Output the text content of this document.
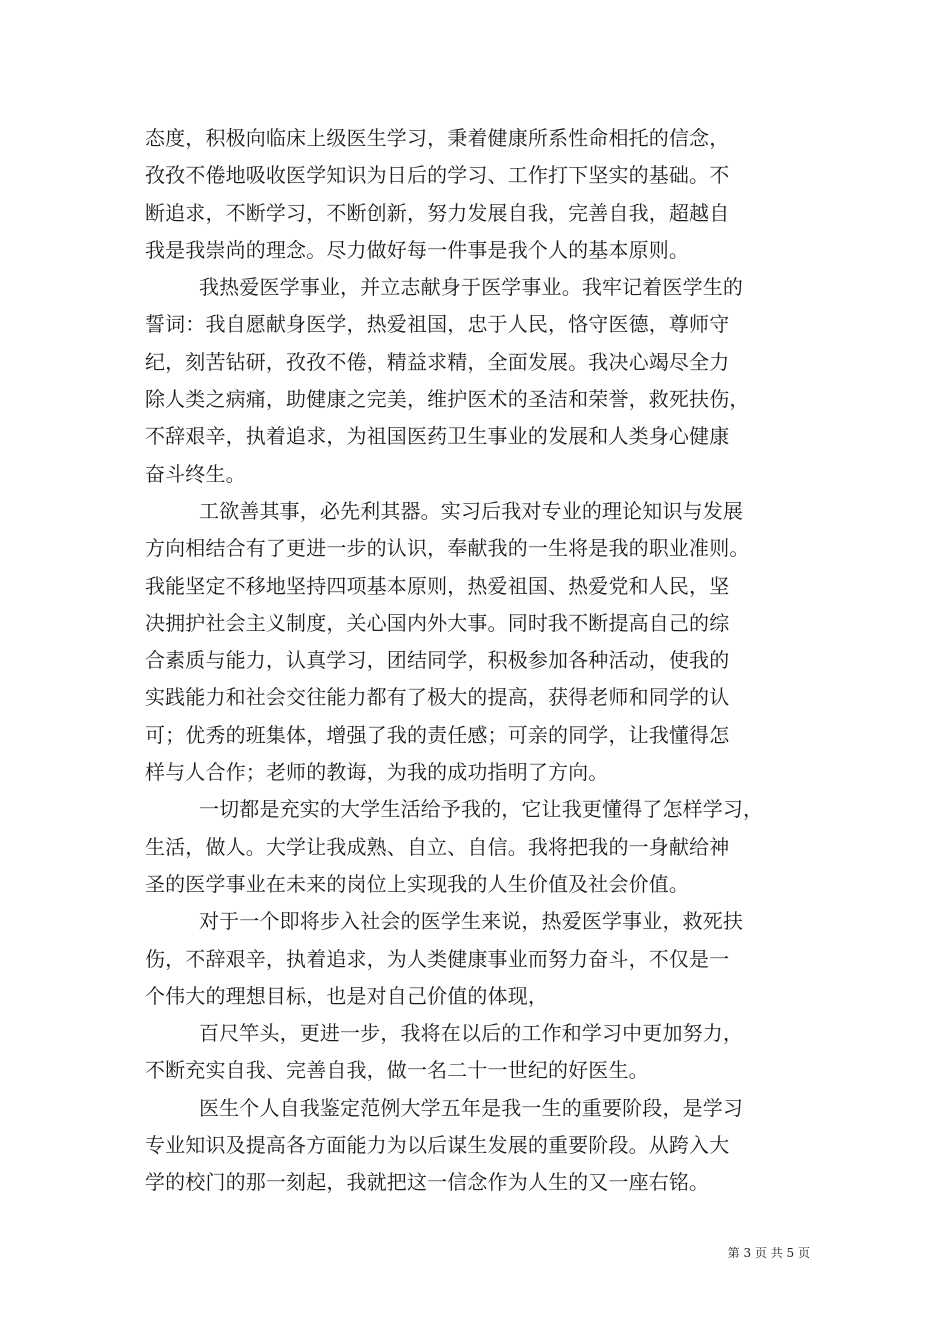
态度，积极向临床上级医生学习，秉着健康所系性命相托的信念，
孜孜不倦地吸收医学知识为日后的学习、工作打下坚实的基础。不
断追求，不断学习，不断创新，努力发展自我，完善自我，超越自
我是我崇尚的理念。尽力做好每一件事是我个人的基本原则。
我热爱医学事业，并立志献身于医学事业。我牢记着医学生的
誓词：我自愿献身医学，热爱祖国，忠于人民，恪守医德，尊师守
纪，刻苦钻研，孜孜不倦，精益求精，全面发展。我决心竭尽全力
除人类之病痛，助健康之完美，维护医术的圣洁和荣誉，救死扶伤，
不辞艰辛，执着追求，为祖国医药卫生事业的发展和人类身心健康
奋斗终生。
工欲善其事，必先利其器。实习后我对专业的理论知识与发展
方向相结合有了更进一步的认识，奉献我的一生将是我的职业准则。
我能坚定不移地坚持四项基本原则，热爱祖国、热爱党和人民，坚
决拥护社会主义制度，关心国内外大事。同时我不断提高自己的综
合素质与能力，认真学习，团结同学，积极参加各种活动，使我的
实践能力和社会交往能力都有了极大的提高，获得老师和同学的认
可；优秀的班集体，增强了我的责任感；可亲的同学，让我懂得怎
样与人合作；老师的教诲，为我的成功指明了方向。
一切都是充实的大学生活给予我的，它让我更懂得了怎样学习，
生活，做人。大学让我成熟、自立、自信。我将把我的一身献给神
圣的医学事业在未来的岗位上实现我的人生价值及社会价值。
对于一个即将步入社会的医学生来说，热爱医学事业，救死扶
伤，不辞艰辛，执着追求，为人类健康事业而努力奋斗，不仅是一
个伟大的理想目标，也是对自己价值的体现，
百尺竿头，更进一步，我将在以后的工作和学习中更加努力，
不断充实自我、完善自我，做一名二十一世纪的好医生。
医生个人自我鉴定范例大学五年是我一生的重要阶段，是学习
专业知识及提高各方面能力为以后谋生发展的重要阶段。从跨入大
学的校门的那一刻起，我就把这一信念作为人生的又一座右铭。
第 3 页 共 5 页
